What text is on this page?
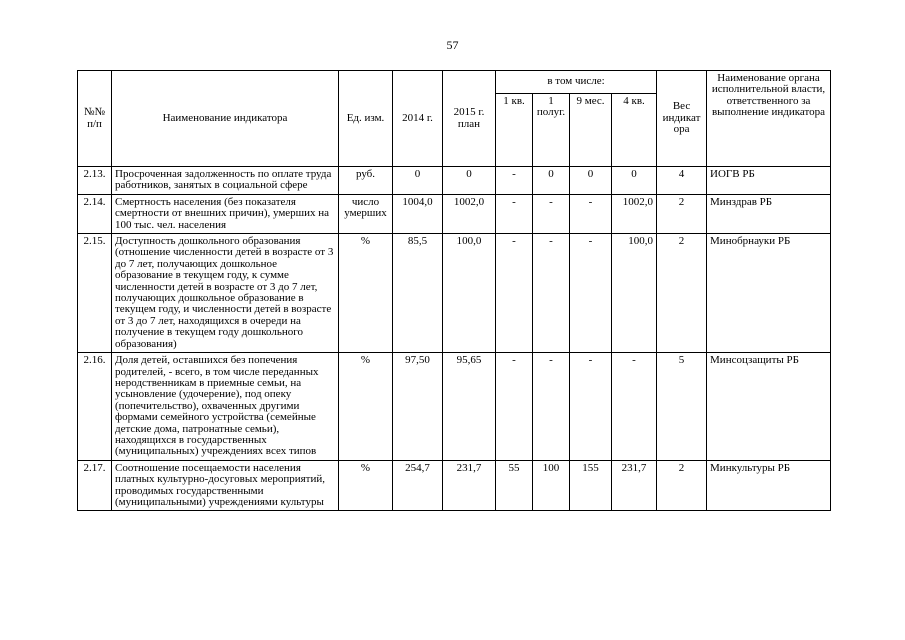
57
№№ п/п	Наименование индикатора	Ед. изм.	2014 г.	2015 г. план	в том числе:				Вес индикат ора	Наименование органа исполнительной власти, ответственного за выполнение индикатора
					1 кв.	1 полуг.	9 мес.	4 кв.		
2.13.	Просроченная задолженность по оплате труда работников, занятых в социальной сфере	руб.	0	0	-	0	0	0	4	ИОГВ РБ
2.14.	Смертность населения (без показателя смертности от внешних причин), умерших на 100 тыс. чел. населения	число умерших	1004,0	1002,0	-	-	-	1002,0	2	Минздрав РБ
2.15.	Доступность дошкольного образования (отношение численности детей в возрасте от 3 до 7 лет, получающих дошкольное образование в текущем году, к сумме численности детей в возрасте от 3 до 7 лет, получающих дошкольное образование в текущем году, и численности детей в возрасте от 3 до 7 лет, находящихся в очереди на получение в текущем году дошкольного образования)	%	85,5	100,0	-	-	-	100,0	2	Минобрнауки РБ
2.16.	Доля детей, оставшихся без попечения родителей, - всего, в том числе переданных неродственникам в приемные семьи, на усыновление (удочерение), под опеку (попечительство), охваченных другими формами семейного устройства (семейные детские дома, патронатные семьи), находящихся в государственных (муниципальных) учреждениях всех типов	%	97,50	95,65	-	-	-	-	5	Минсоцзащиты РБ
2.17.	Соотношение посещаемости населения платных культурно-досуговых мероприятий, проводимых государственными (муниципальными) учреждениями культуры	%	254,7	231,7	55	100	155	231,7	2	Минкультуры РБ
